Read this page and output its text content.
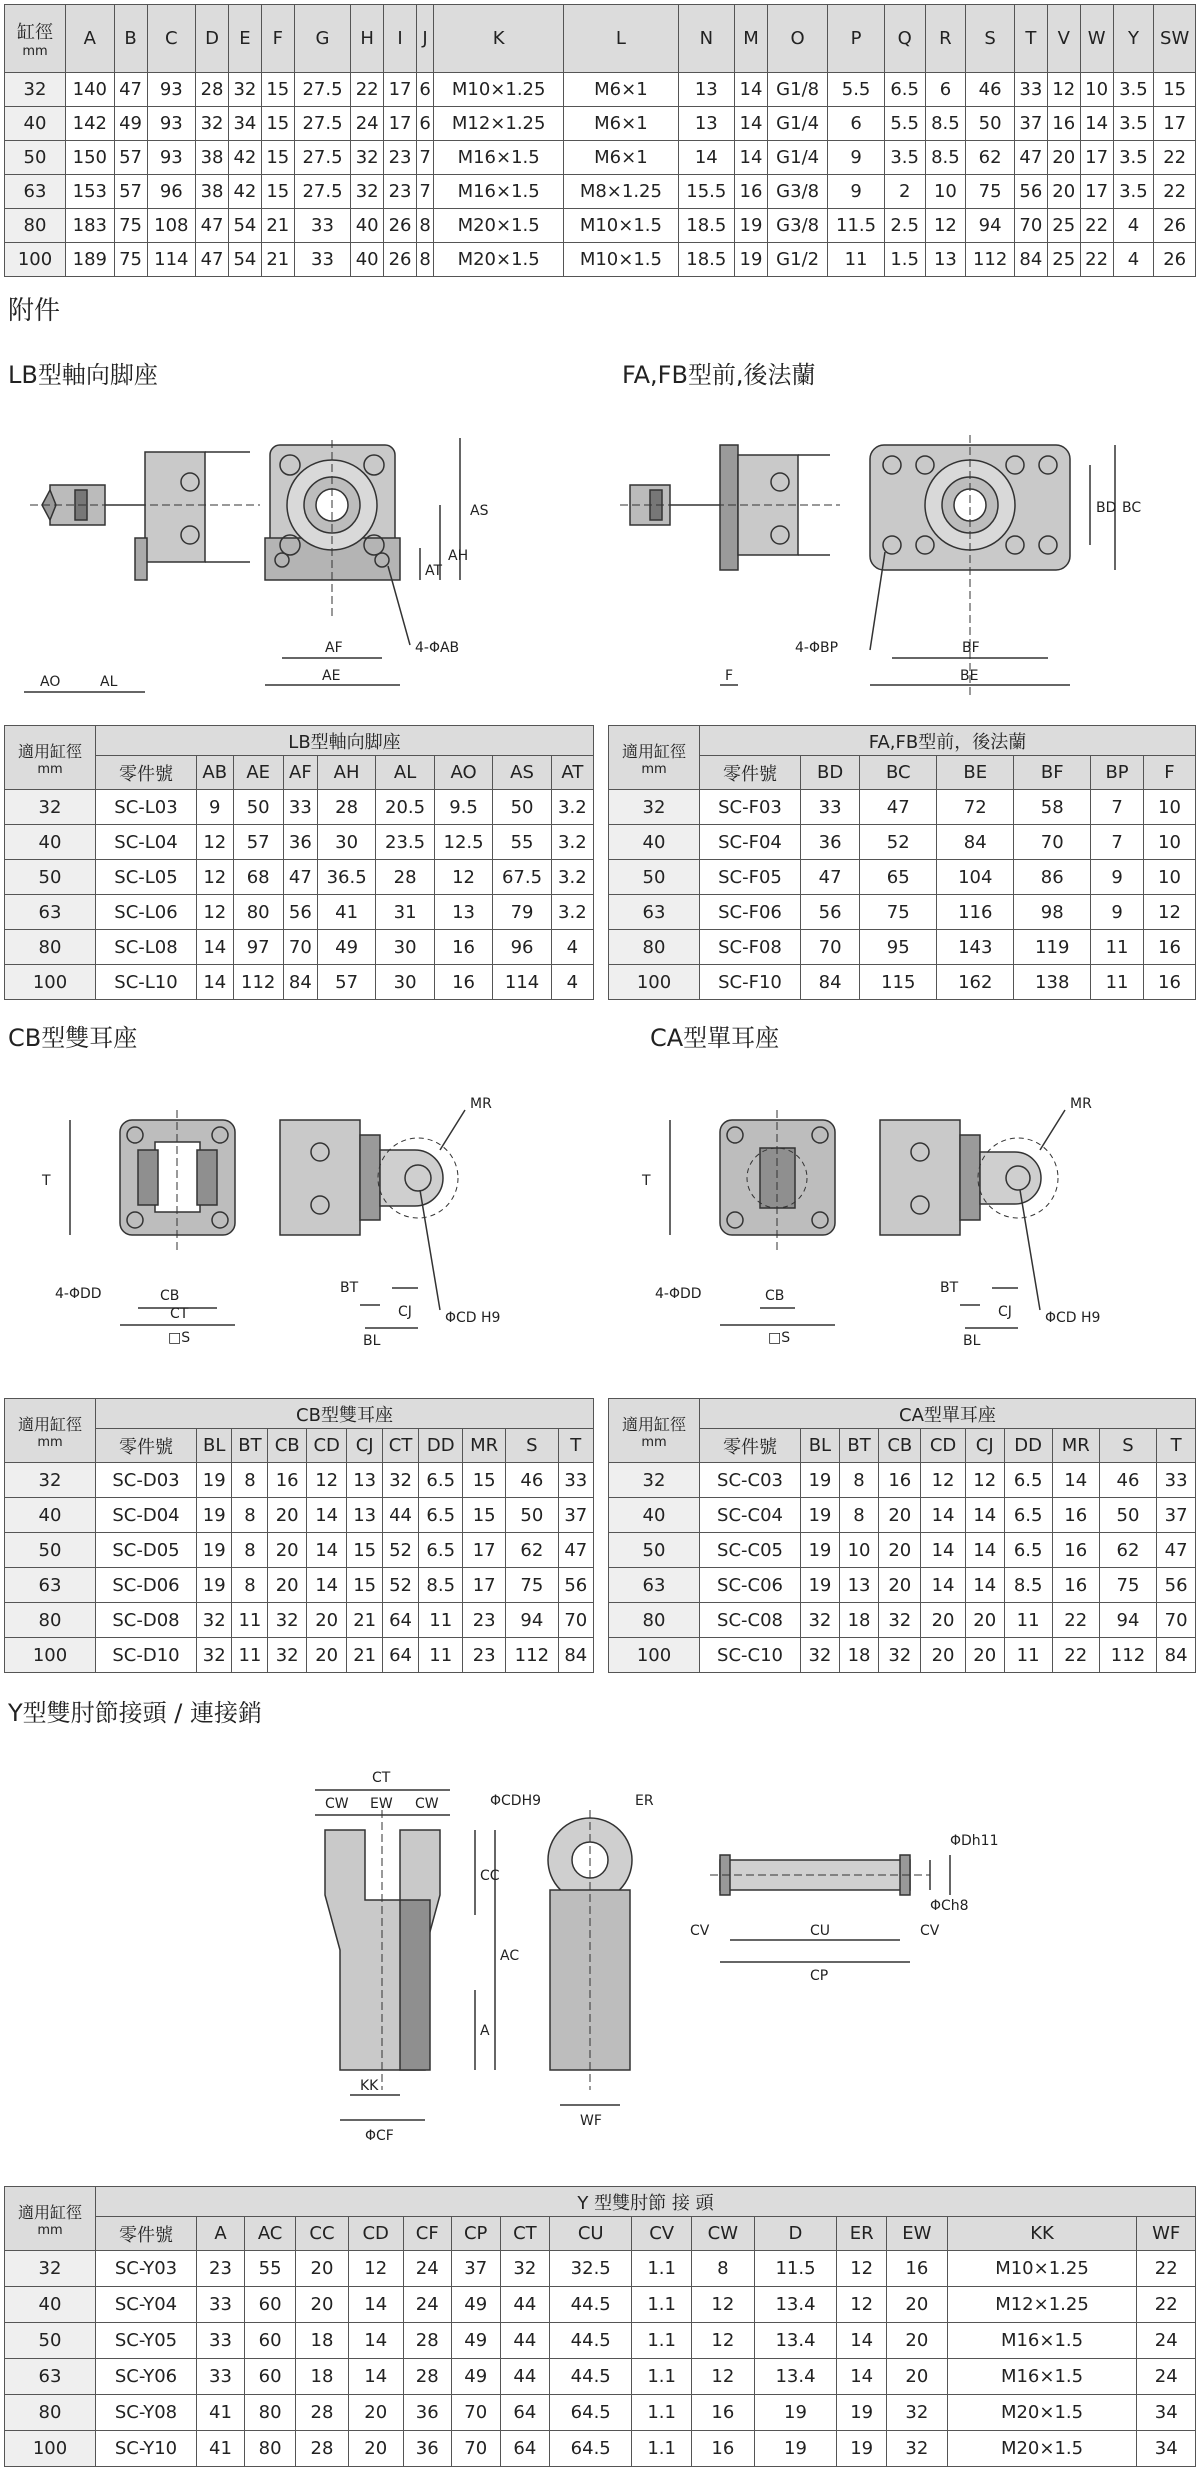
缸徑
mm	A	B	C	D	E	F	G	H	I	J	K	L	N	M	O	P	Q	R	S	T	V	W	Y	SW
32	140	47	93	28	32	15	27.5	22	17	6	M10×1.25	M6×1	13	14	G1/8	5.5	6.5	6	46	33	12	10	3.5	15
40	142	49	93	32	34	15	27.5	24	17	6	M12×1.25	M6×1	13	14	G1/4	6	5.5	8.5	50	37	16	14	3.5	17
50	150	57	93	38	42	15	27.5	32	23	7	M16×1.5	M6×1	14	14	G1/4	9	3.5	8.5	62	47	20	17	3.5	22
63	153	57	96	38	42	15	27.5	32	23	7	M16×1.5	M8×1.25	15.5	16	G3/8	9	2	10	75	56	20	17	3.5	22
80	183	75	108	47	54	21	33	40	26	8	M20×1.5	M10×1.5	18.5	19	G3/8	11.5	2.5	12	94	70	25	22	4	26
100	189	75	114	47	54	21	33	40	26	8	M20×1.5	M10×1.5	18.5	19	G1/2	11	1.5	13	112	84	25	22	4	26
附件
LB型軸向脚座	FA,FB型前,後法蘭
AO	AL
AF
AE
4-ΦAB
AS
AH
AT
F
4-ΦBP	BF
BE
BD BC
適用缸徑
mm	LB型軸向脚座								
	零件號	AB	AE	AF	AH	AL	AO	AS	AT
32	SC-L03	9	50	33	28	20.5	9.5	50	3.2
40	SC-L04	12	57	36	30	23.5	12.5	55	3.2
50	SC-L05	12	68	47	36.5	28	12	67.5	3.2
63	SC-L06	12	80	56	41	31	13	79	3.2
80	SC-L08	14	97	70	49	30	16	96	4
100	SC-L10	14	112	84	57	30	16	114	4
適用缸徑
mm	FA,FB型前，後法蘭						
	零件號	BD	BC	BE	BF	BP	F
32	SC-F03	33	47	72	58	7	10
40	SC-F04	36	52	84	70	7	10
50	SC-F05	47	65	104	86	9	10
63	SC-F06	56	75	116	98	9	12
80	SC-F08	70	95	143	119	11	16
100	SC-F10	84	115	162	138	11	16
CB型雙耳座	CA型單耳座
T
4-ΦDD	CB
CT
□S
BT
BL
CJ ΦCD H9
MR
T
4-ΦDD	CB
□S
BT
BL
CJ ΦCD H9
MR
適用缸徑
mm	CB型雙耳座										
	零件號	BL	BT	CB	CD	CJ	CT	DD	MR	S	T
32	SC-D03	19	8	16	12	13	32	6.5	15	46	33
40	SC-D04	19	8	20	14	13	44	6.5	15	50	37
50	SC-D05	19	8	20	14	15	52	6.5	17	62	47
63	SC-D06	19	8	20	14	15	52	8.5	17	75	56
80	SC-D08	32	11	32	20	21	64	11	23	94	70
100	SC-D10	32	11	32	20	21	64	11	23	112	84
適用缸徑
mm	CA型單耳座									
	零件號	BL	BT	CB	CD	CJ	DD	MR	S	T
32	SC-C03	19	8	16	12	12	6.5	14	46	33
40	SC-C04	19	8	20	14	14	6.5	16	50	37
50	SC-C05	19	10	20	14	14	6.5	16	62	47
63	SC-C06	19	13	20	14	14	8.5	16	75	56
80	SC-C08	32	18	32	20	20	11	22	94	70
100	SC-C10	32	18	32	20	20	11	22	112	84
Y型雙肘節接頭 / 連接銷
CT
CW EW CW
CC
AC
A
KK
ΦCF
ΦCDH9	ER
WF
CV	CU
CP
CV
ΦDh11
ΦCh8
適用缸徑
mm	Y 型雙肘節 接 頭															
	零件號	A	AC	CC	CD	CF	CP	CT	CU	CV	CW	D	ER	EW	KK	WF
32	SC-Y03	23	55	20	12	24	37	32	32.5	1.1	8	11.5	12	16	M10×1.25	22
40	SC-Y04	33	60	20	14	24	49	44	44.5	1.1	12	13.4	12	20	M12×1.25	22
50	SC-Y05	33	60	18	14	28	49	44	44.5	1.1	12	13.4	14	20	M16×1.5	24
63	SC-Y06	33	60	18	14	28	49	44	44.5	1.1	12	13.4	14	20	M16×1.5	24
80	SC-Y08	41	80	28	20	36	70	64	64.5	1.1	16	19	19	32	M20×1.5	34
100	SC-Y10	41	80	28	20	36	70	64	64.5	1.1	16	19	19	32	M20×1.5	34
